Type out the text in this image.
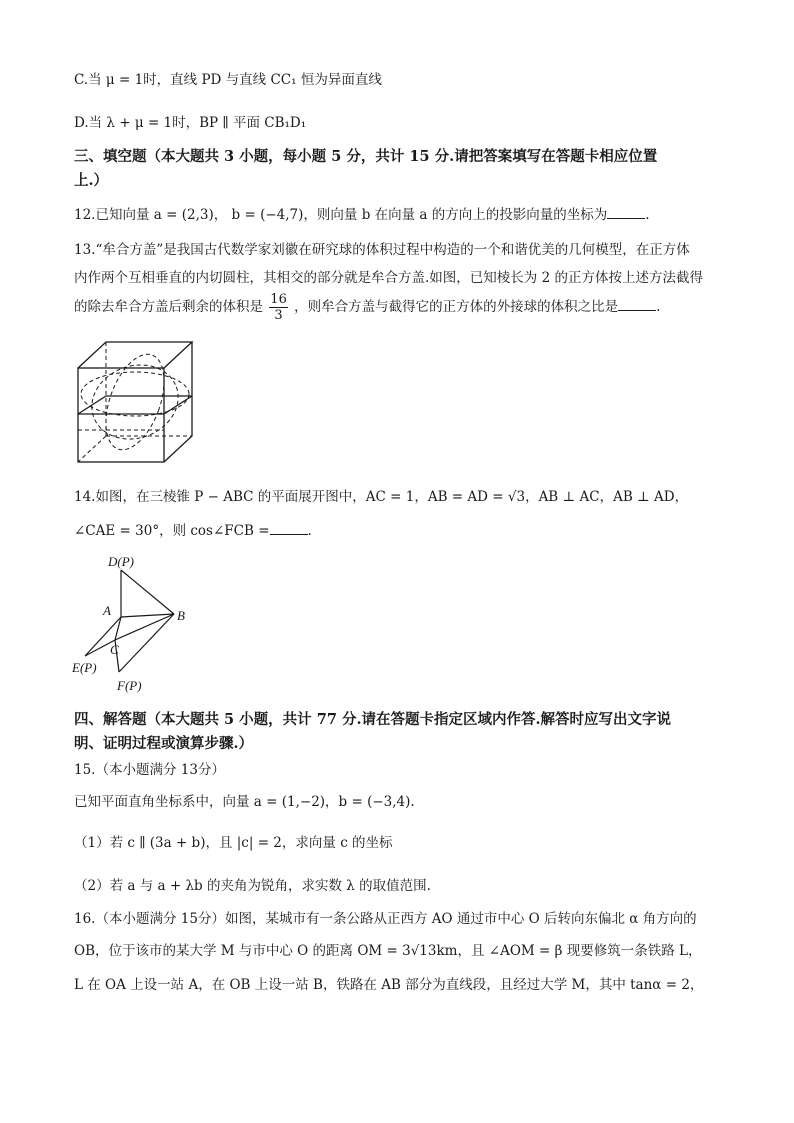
C.当 μ = 1时，直线 PD 与直线 CC₁ 恒为异面直线
D.当 λ + μ = 1时，BP ∥ 平面 CB₁D₁
三、填空题（本大题共 3 小题，每小题 5 分，共计 15 分.请把答案填写在答题卡相应位置
上.）
12.已知向量 a = (2,3)， b = (−4,7)，则向量 b 在向量 a 的方向上的投影向量的坐标为	.
13.“牟合方盖”是我国古代数学家刘徽在研究球的体积过程中构造的一个和谐优美的几何模型，在正方体
内作两个互相垂直的内切圆柱，其相交的部分就是牟合方盖.如图，已知棱长为 2 的正方体按上述方法截得
的除去牟合方盖后剩余的体积是 $\frac{16}{3}$ ，则牟合方盖与截得它的正方体的外接球的体积之比是	.
14.如图，在三棱锥 P − ABC 的平面展开图中，AC = 1，AB = AD = √3，AB ⊥ AC，AB ⊥ AD，
∠CAE = 30°，则 cos∠FCB =	.
D(P)
A	B
C
E(P)
F(P)
四、解答题（本大题共 5 小题，共计 77 分.请在答题卡指定区域内作答.解答时应写出文字说
明、证明过程或演算步骤.）
15.（本小题满分 13分）
已知平面直角坐标系中，向量 a = (1,−2)，b = (−3,4).
（1）若 c ∥ (3a + b)，且 |c| = 2，求向量 c 的坐标
（2）若 a 与 a + λb 的夹角为锐角，求实数 λ 的取值范围.
16.（本小题满分 15分）如图，某城市有一条公路从正西方 AO 通过市中心 O 后转向东偏北 α 角方向的
OB，位于该市的某大学 M 与市中心 O 的距离 OM = 3√13km，且 ∠AOM = β 现要修筑一条铁路 L，
L 在 OA 上设一站 A，在 OB 上设一站 B，铁路在 AB 部分为直线段，且经过大学 M，其中 tanα = 2，
